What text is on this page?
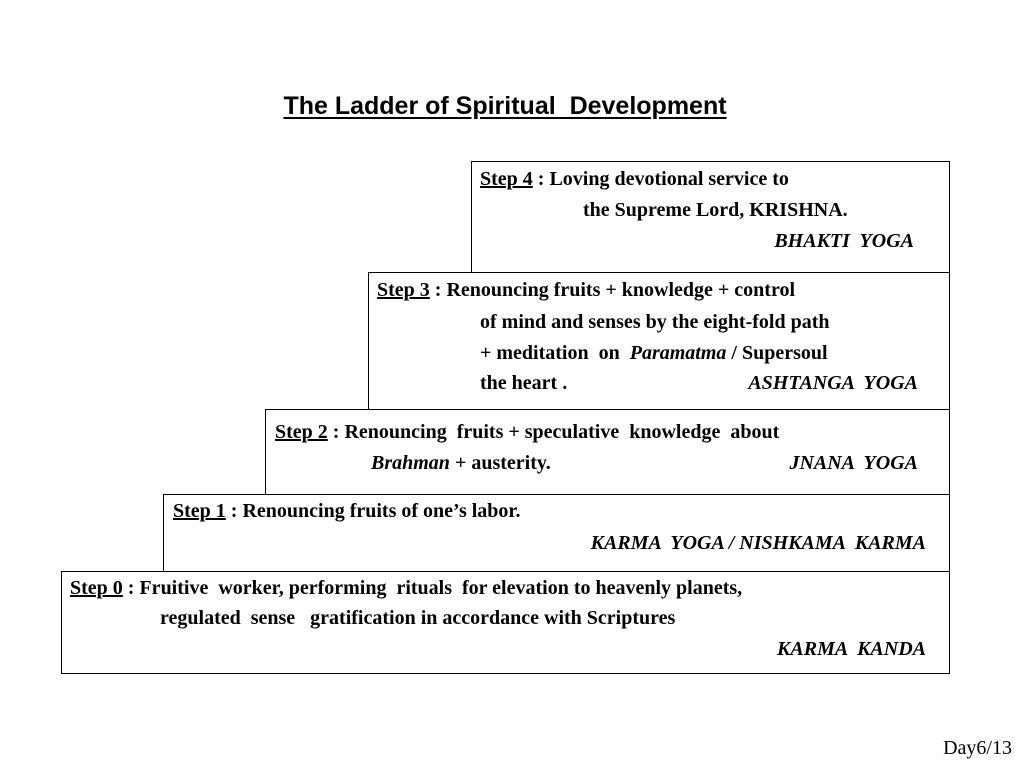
The Ladder of Spiritual  Development
Step 4 : Loving devotional service to
the Supreme Lord, KRISHNA.
BHAKTI  YOGA
Step 3 : Renouncing fruits + knowledge + control
of mind and senses by the eight-fold path
+ meditation  on  Paramatma / Supersoul
the heart .	ASHTANGA  YOGA
Step 2 : Renouncing  fruits + speculative  knowledge  about
Brahman + austerity.	JNANA  YOGA
Step 1 : Renouncing fruits of one’s labor.
KARMA  YOGA / NISHKAMA  KARMA
Step 0 : Fruitive  worker, performing  rituals  for elevation to heavenly planets,
regulated  sense   gratification in accordance with Scriptures
KARMA  KANDA
Day6/13
